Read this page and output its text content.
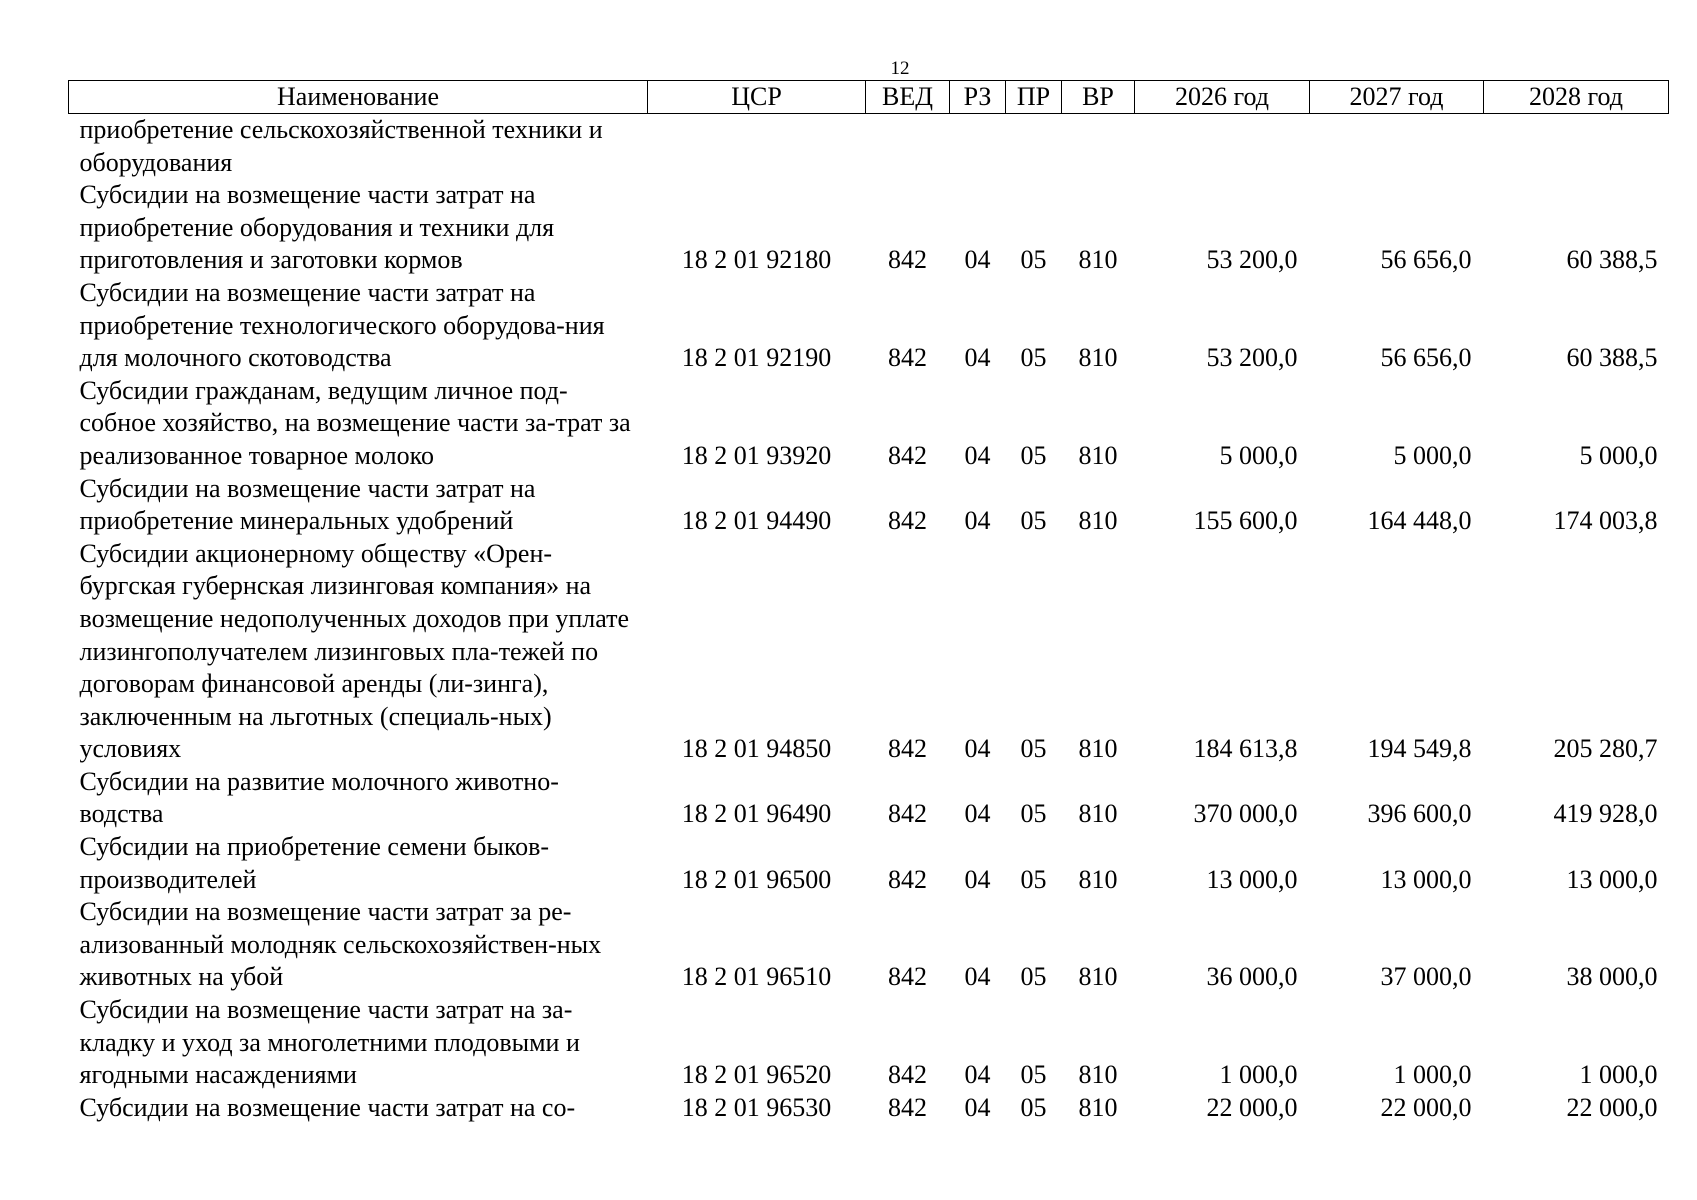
12
Наименование	ЦСР	ВЕД	РЗ	ПР	ВР	2026 год	2027 год	2028 год
приобретение сельскохозяйственной техники и оборудования								
Субсидии на возмещение части затрат на приобретение оборудования и техники для приготовления и заготовки кормов	18 2 01 92180	842	04	05	810	53 200,0	56 656,0	60 388,5
Субсидии на возмещение части затрат на приобретение технологического оборудова-ния для молочного скотоводства	18 2 01 92190	842	04	05	810	53 200,0	56 656,0	60 388,5
Субсидии гражданам, ведущим личное под-собное хозяйство, на возмещение части за-трат за реализованное товарное молоко	18 2 01 93920	842	04	05	810	5 000,0	5 000,0	5 000,0
Субсидии на возмещение части затрат на приобретение минеральных удобрений	18 2 01 94490	842	04	05	810	155 600,0	164 448,0	174 003,8
Субсидии акционерному обществу «Орен-бургская губернская лизинговая компания» на возмещение недополученных доходов при уплате лизингополучателем лизинговых пла-тежей по договорам финансовой аренды (ли-зинга), заключенным на льготных (специаль-ных) условиях	18 2 01 94850	842	04	05	810	184 613,8	194 549,8	205 280,7
Субсидии на развитие молочного животно-водства	18 2 01 96490	842	04	05	810	370 000,0	396 600,0	419 928,0
Субсидии на приобретение семени быков-производителей	18 2 01 96500	842	04	05	810	13 000,0	13 000,0	13 000,0
Субсидии на возмещение части затрат за ре-ализованный молодняк сельскохозяйствен-ных животных на убой	18 2 01 96510	842	04	05	810	36 000,0	37 000,0	38 000,0
Субсидии на возмещение части затрат на за-кладку и уход за многолетними плодовыми и ягодными насаждениями	18 2 01 96520	842	04	05	810	1 000,0	1 000,0	1 000,0
Субсидии на возмещение части затрат на со-	18 2 01 96530	842	04	05	810	22 000,0	22 000,0	22 000,0
